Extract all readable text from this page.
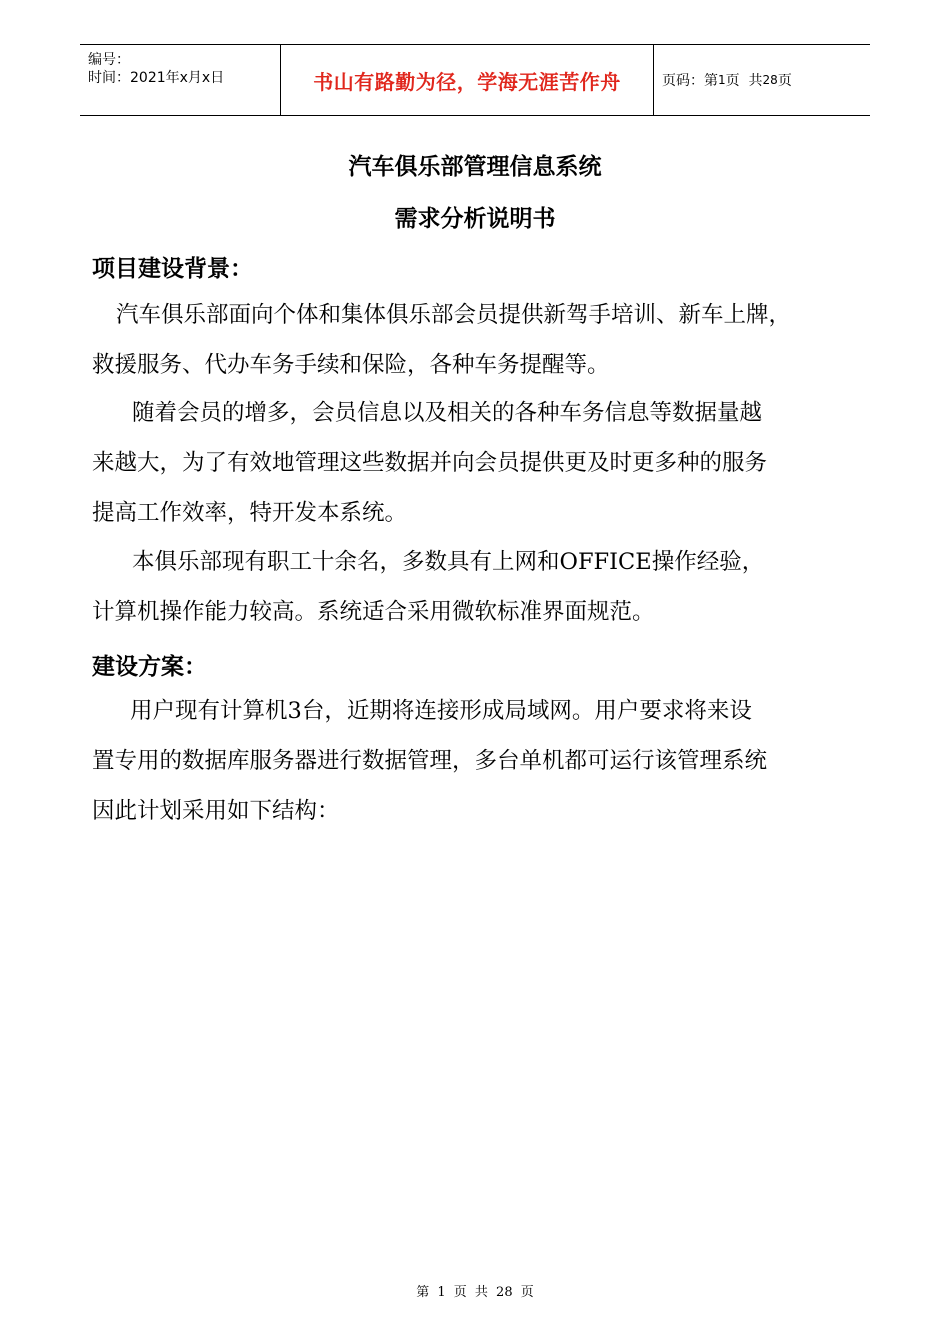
编号：
时间：2021年x月x日	书山有路勤为径，学海无涯苦作舟	页码：第 1 页  共 28 页
汽车俱乐部管理信息系统
需求分析说明书
项目建设背景：

汽车俱乐部面向个体和集体俱乐部会员提供新驾手培训、新车上牌，
救援服务、代办车务手续和保险，各种车务提醒等。

随着会员的增多，会员信息以及相关的各种车务信息等数据量越
来越大，为了有效地管理这些数据并向会员提供更及时更多种的服务
提高工作效率，特开发本系统。

本俱乐部现有职工十余名，多数具有上网和OFFICE操作经验，
计算机操作能力较高。系统适合采用微软标准界面规范。

建设方案：

用户现有计算机3台，近期将连接形成局域网。用户要求将来设
置专用的数据库服务器进行数据管理，多台单机都可运行该管理系统
因此计划采用如下结构：

第 1 页 共 28 页
